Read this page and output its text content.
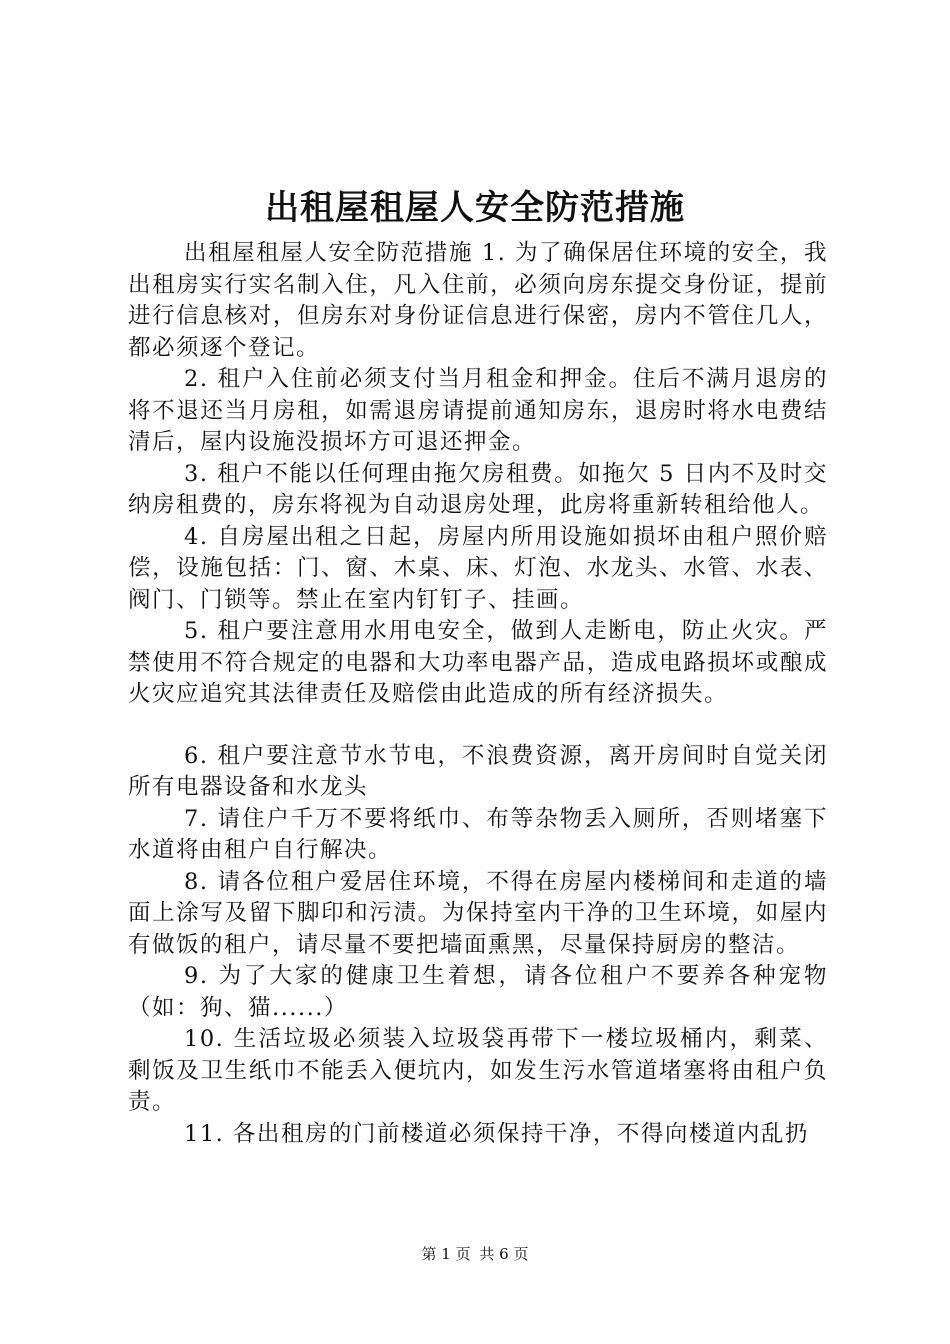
出租屋租屋人安全防范措施

出租屋租屋人安全防范措施 1. 为了确保居住环境的安全，我出租房实行实名制入住，凡入住前，必须向房东提交身份证，提前进行信息核对，但房东对身份证信息进行保密，房内不管住几人，都必须逐个登记。

2. 租户入住前必须支付当月租金和押金。住后不满月退房的将不退还当月房租，如需退房请提前通知房东，退房时将水电费结清后，屋内设施没损坏方可退还押金。

3. 租户不能以任何理由拖欠房租费。如拖欠 5 日内不及时交纳房租费的，房东将视为自动退房处理，此房将重新转租给他人。

4. 自房屋出租之日起，房屋内所用设施如损坏由租户照价赔偿，设施包括：门、窗、木桌、床、灯泡、水龙头、水管、水表、阀门、门锁等。禁止在室内钉钉子、挂画。

5. 租户要注意用水用电安全，做到人走断电，防止火灾。严禁使用不符合规定的电器和大功率电器产品，造成电路损坏或酿成火灾应追究其法律责任及赔偿由此造成的所有经济损失。

6. 租户要注意节水节电，不浪费资源，离开房间时自觉关闭所有电器设备和水龙头

7. 请住户千万不要将纸巾、布等杂物丢入厕所，否则堵塞下水道将由租户自行解决。

8. 请各位租户爱居住环境，不得在房屋内楼梯间和走道的墙面上涂写及留下脚印和污渍。为保持室内干净的卫生环境，如屋内有做饭的租户，请尽量不要把墙面熏黑，尽量保持厨房的整洁。

9. 为了大家的健康卫生着想，请各位租户不要养各种宠物（如：狗、猫......）

10. 生活垃圾必须装入垃圾袋再带下一楼垃圾桶内，剩菜、剩饭及卫生纸巾不能丢入便坑内，如发生污水管道堵塞将由租户负责。

11. 各出租房的门前楼道必须保持干净，不得向楼道内乱扔

第 1 页 共 6 页
